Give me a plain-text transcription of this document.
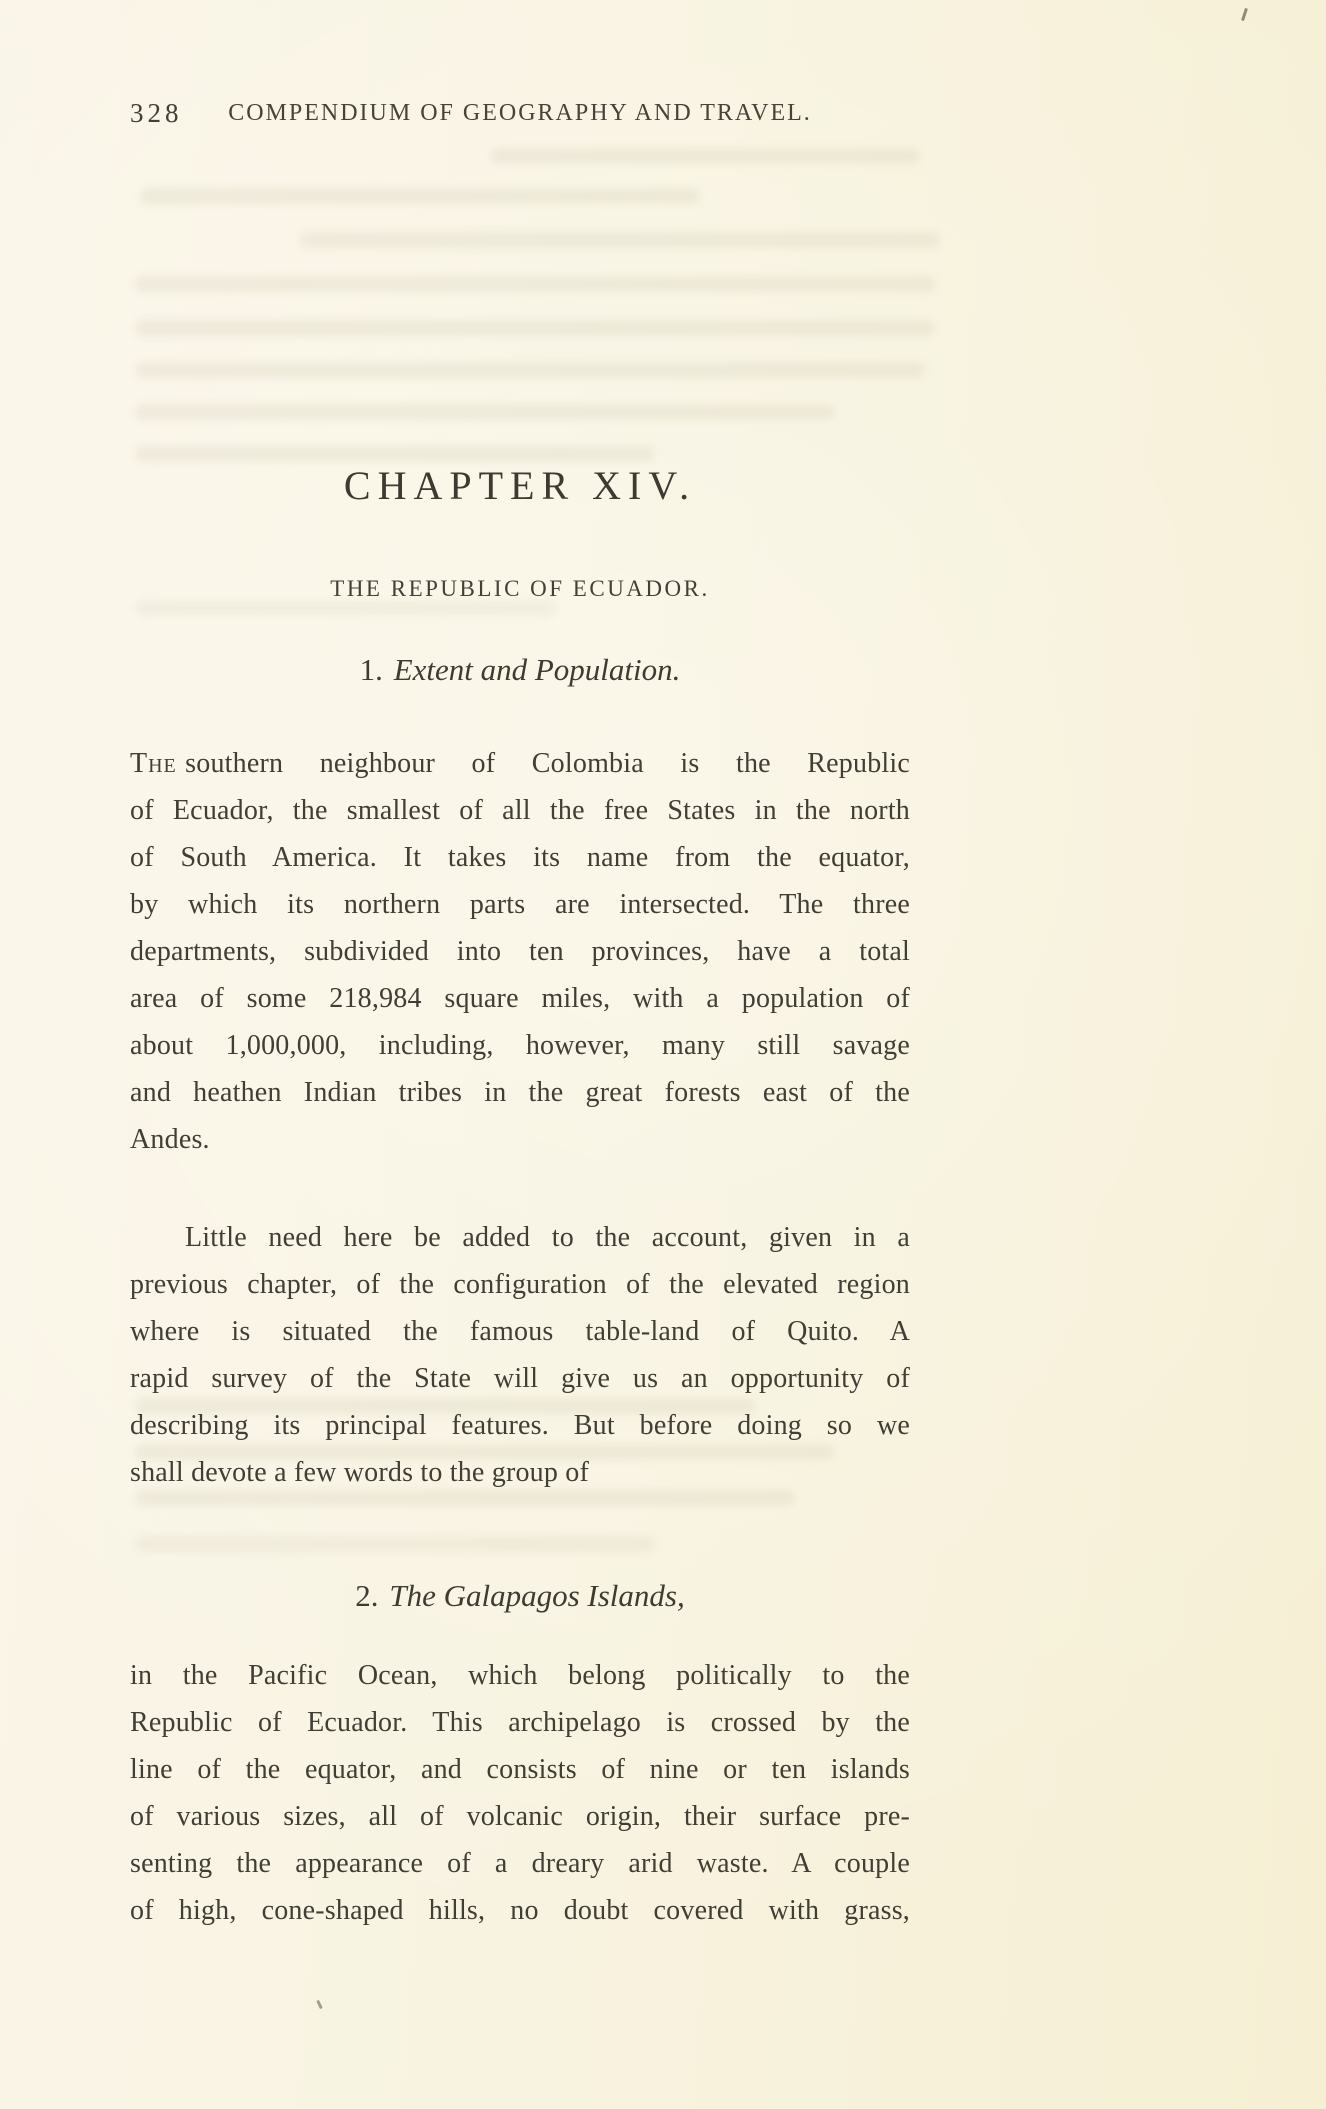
328 COMPENDIUM OF GEOGRAPHY AND TRAVEL.
CHAPTER XIV.
THE REPUBLIC OF ECUADOR.
1. Extent and Population.
The southern neighbour of Colombia is the Republic
of Ecuador, the smallest of all the free States in the north
of South America. It takes its name from the equator,
by which its northern parts are intersected. The three
departments, subdivided into ten provinces, have a total
area of some 218,984 square miles, with a population of
about 1,000,000, including, however, many still savage
and heathen Indian tribes in the great forests east of the
Andes.
Little need here be added to the account, given in a
previous chapter, of the configuration of the elevated region
where is situated the famous table-land of Quito. A
rapid survey of the State will give us an opportunity of
describing its principal features. But before doing so we
shall devote a few words to the group of
2. The Galapagos Islands,
in the Pacific Ocean, which belong politically to the
Republic of Ecuador. This archipelago is crossed by the
line of the equator, and consists of nine or ten islands
of various sizes, all of volcanic origin, their surface pre-
senting the appearance of a dreary arid waste. A couple
of high, cone-shaped hills, no doubt covered with grass,
